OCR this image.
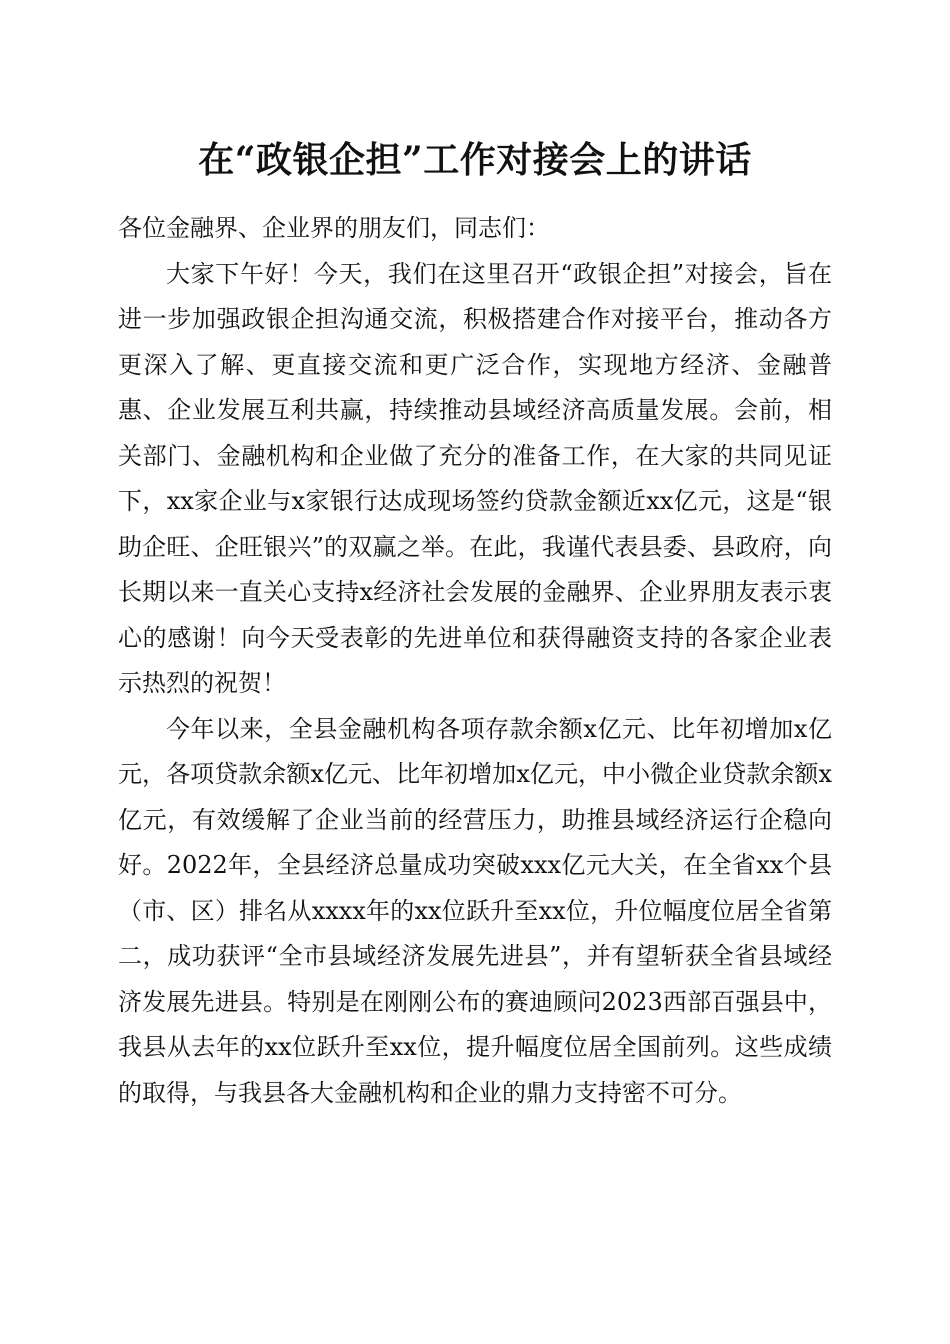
在“政银企担”工作对接会上的讲话

各位金融界、企业界的朋友们，同志们：

大家下午好！今天，我们在这里召开“政银企担”对接会，旨在进一步加强政银企担沟通交流，积极搭建合作对接平台，推动各方更深入了解、更直接交流和更广泛合作，实现地方经济、金融普惠、企业发展互利共赢，持续推动县域经济高质量发展。会前，相关部门、金融机构和企业做了充分的准备工作，在大家的共同见证下，xx家企业与x家银行达成现场签约贷款金额近xx亿元，这是“银助企旺、企旺银兴”的双赢之举。在此，我谨代表县委、县政府，向长期以来一直关心支持x经济社会发展的金融界、企业界朋友表示衷心的感谢！向今天受表彰的先进单位和获得融资支持的各家企业表示热烈的祝贺！

今年以来，全县金融机构各项存款余额x亿元、比年初增加x亿元，各项贷款余额x亿元、比年初增加x亿元，中小微企业贷款余额x亿元，有效缓解了企业当前的经营压力，助推县域经济运行企稳向好。2022年，全县经济总量成功突破xxx亿元大关，在全省xx个县（市、区）排名从xxxx年的xx位跃升至xx位，升位幅度位居全省第二，成功获评“全市县域经济发展先进县”，并有望斩获全省县域经济发展先进县。特别是在刚刚公布的赛迪顾问2023西部百强县中，我县从去年的xx位跃升至xx位，提升幅度位居全国前列。这些成绩的取得，与我县各大金融机构和企业的鼎力支持密不可分。
